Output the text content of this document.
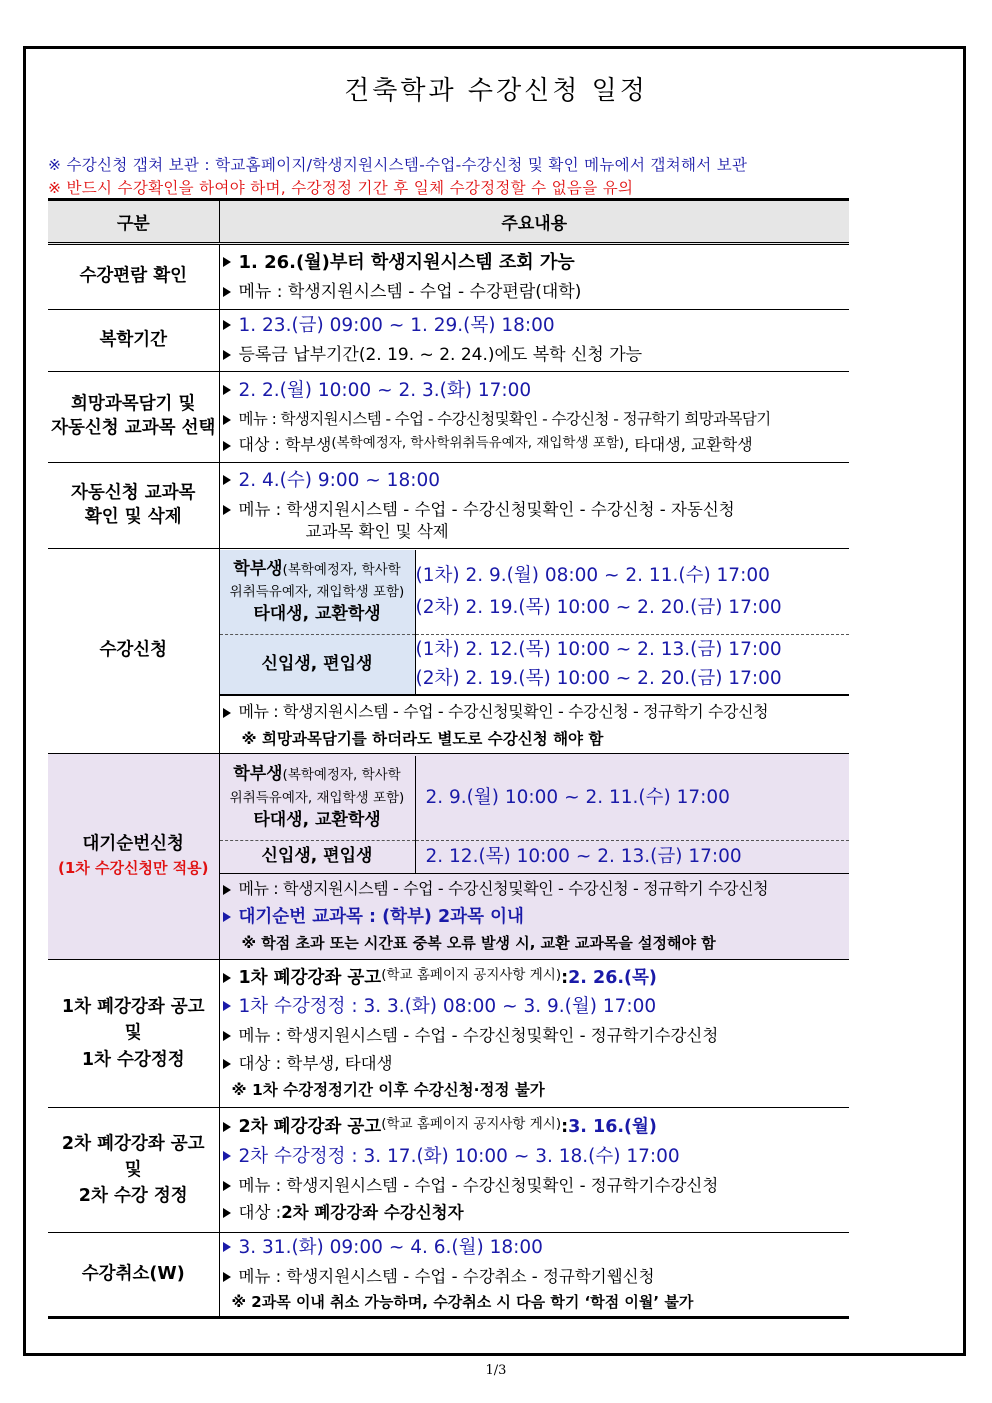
건축학과 수강신청 일정
※ 수강신청 갭쳐 보관 : 학교홈페이지/학생지원시스템-수업-수강신청 및 확인 메뉴에서 갭쳐해서 보관
※ 반드시 수강확인을 하여야 하며, 수강정정 기간 후 일체 수강정정할 수 없음을 유의
구분	주요내용
수강편람 확인	
1. 26.(월)부터 학생지원시스템 조회 가능
메뉴 : 학생지원시스템 - 수업 - 수강편람(대학)

복학기간	
1. 23.(금) 09:00 ~ 1. 29.(목) 18:00
등록금 납부기간(2. 19. ~ 2. 24.)에도 복학 신청 가능

희망과목담기 및
자동신청 교과목 선택	
2. 2.(월) 10:00 ~ 2. 3.(화) 17:00
메뉴 : 학생지원시스템 - 수업 - 수강신청및확인 - 수강신청 - 정규학기 희망과목담기
대상 : 학부생 (복학예정자, 학사학위취득유예자, 재입학생 포함) , 타대생, 교환학생

자동신청 교과목
확인 및 삭제	
2. 4.(수) 9:00 ~ 18:00
메뉴 : 학생지원시스템 - 수업 - 수강신청및확인 - 수강신청 - 자동신청
교과목 확인 및 삭제

수강신청	
학부생(복학예정자, 학사학
위취득유예자, 재입학생 포함)
타대생, 교환학생	
(1차) 2. 9.(월) 08:00 ~ 2. 11.(수) 17:00
(2차) 2. 19.(목) 10:00 ~ 2. 20.(금) 17:00

신입생, 편입생	
(1차) 2. 12.(목) 10:00 ~ 2. 13.(금) 17:00
(2차) 2. 19.(목) 10:00 ~ 2. 20.(금) 17:00
메뉴 : 학생지원시스템 - 수업 - 수강신청및확인 - 수강신청 - 정규학기 수강신청
※ 희망과목담기를 하더라도 별도로 수강신청 해야 함

대기순번신청
(1차 수강신청만 적용)	
학부생(복학예정자, 학사학
위취득유예자, 재입학생 포함)
타대생, 교환학생	2. 9.(월) 10:00 ~ 2. 11.(수) 17:00
신입생, 편입생	2. 12.(목) 10:00 ~ 2. 13.(금) 17:00
메뉴 : 학생지원시스템 - 수업 - 수강신청및확인 - 수강신청 - 정규학기 수강신청
대기순번 교과목 : (학부) 2과목 이내
※ 학점 초과 또는 시간표 중복 오류 발생 시, 교환 교과목을 설정해야 함

1차 폐강강좌 공고
및
1차 수강정정	
1차 폐강강좌 공고 (학교 홈페이지 공지사항 게시) : 2. 26.(목)
1차 수강정정 : 3. 3.(화) 08:00 ~ 3. 9.(월) 17:00
메뉴 : 학생지원시스템 - 수업 - 수강신청및확인 - 정규학기수강신청
대상 : 학부생, 타대생
※ 1차 수강정정기간 이후 수강신청·정정 불가

2차 폐강강좌 공고
및
2차 수강 정정	
2차 폐강강좌 공고 (학교 홈페이지 공지사항 게시) : 3. 16.(월)
2차 수강정정 : 3. 17.(화) 10:00 ~ 3. 18.(수) 17:00
메뉴 : 학생지원시스템 - 수업 - 수강신청및확인 - 정규학기수강신청
대상 : 2차 폐강강좌 수강신청자

수강취소(W)	
3. 31.(화) 09:00 ~ 4. 6.(월) 18:00
메뉴 : 학생지원시스템 - 수업 - 수강취소 - 정규학기웹신청
※ 2과목 이내 취소 가능하며, 수강취소 시 다음 학기 ‘학점 이월’ 불가
1/3
